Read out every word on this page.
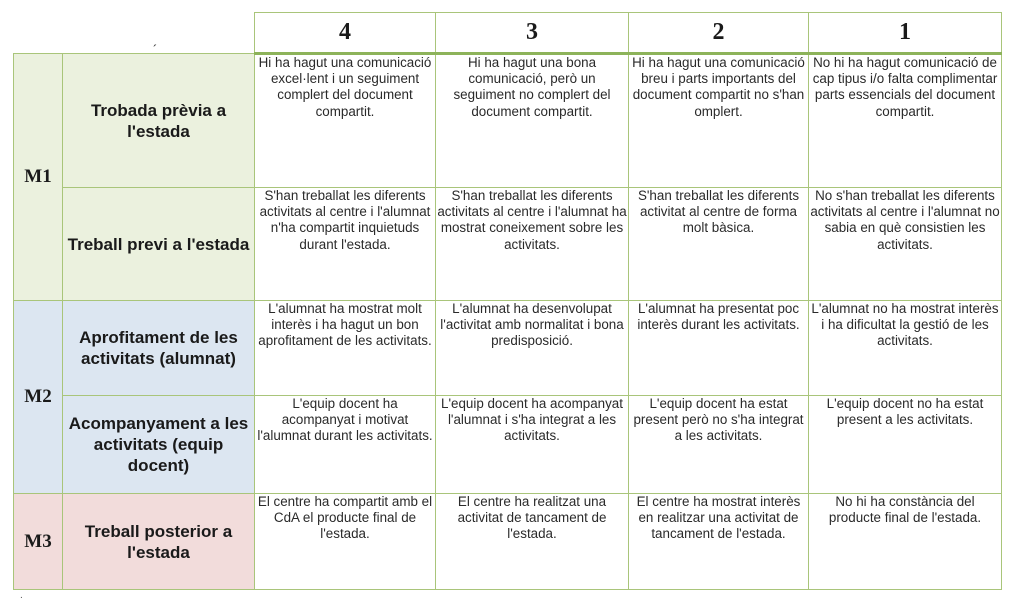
		4	3	2	1
M1	Trobada prèvia a l'estada	Hi ha hagut una comunicació excel·lent i un seguiment complert del document compartit.	Hi ha hagut una bona comunicació, però un seguiment no complert del document compartit.	Hi ha hagut una comunicació breu i parts importants del document compartit no s'han omplert.	No hi ha hagut comunicació de cap tipus i/o falta complimentar parts essencials del document compartit.
	Treball previ a l'estada	S'han treballat les diferents activitats al centre i l'alumnat n'ha compartit inquietuds durant l'estada.	S'han treballat les diferents activitats al centre i l'alumnat ha mostrat coneixement sobre les activitats.	S'han treballat les diferents activitat al centre de forma molt bàsica.	No s'han treballat les diferents activitats al centre i l'alumnat no sabia en què consistien les activitats.
M2	Aprofitament de les activitats (alumnat)	L'alumnat ha mostrat molt interès i ha hagut un bon aprofitament de les activitats.	L'alumnat ha desenvolupat l'activitat amb normalitat i bona predisposició.	L'alumnat ha presentat poc interès durant les activitats.	L'alumnat no ha mostrat interès i ha dificultat la gestió de les activitats.
	Acompanyament a les activitats (equip docent)	L'equip docent ha acompanyat i motivat l'alumnat durant les activitats.	L'equip docent ha acompanyat l'alumnat i s'ha integrat a les activitats.	L'equip docent ha estat present però no s'ha integrat a les activitats.	L'equip docent no ha estat present a les activitats.
M3	Treball posterior a l'estada	El centre ha compartit amb el CdA el producte final de l'estada.	El centre ha realitzat una activitat de tancament de l'estada.	El centre ha mostrat interès en realitzar una activitat de tancament de l'estada.	No hi ha constància del producte final de l'estada.
´
.
